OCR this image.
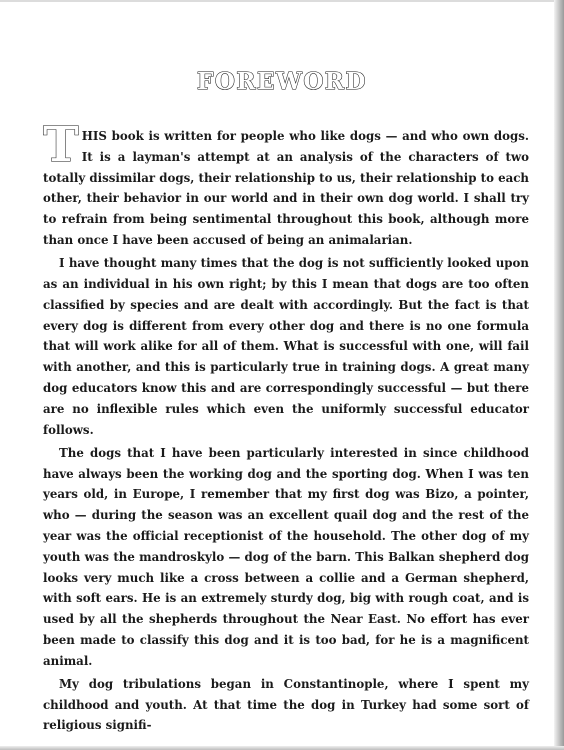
FOREWORD

THIS book is written for people who like dogs — and who own dogs. It is a layman's attempt at an analysis of the characters of two totally dissimilar dogs, their relationship to us, their relationship to each other, their behavior in our world and in their own dog world. I shall try to refrain from being sentimental throughout this book, although more than once I have been accused of being an animalarian.

I have thought many times that the dog is not sufficiently looked upon as an individual in his own right; by this I mean that dogs are too often classified by species and are dealt with accordingly. But the fact is that every dog is different from every other dog and there is no one formula that will work alike for all of them. What is successful with one, will fail with another, and this is particularly true in training dogs. A great many dog educators know this and are correspondingly successful — but there are no inflexible rules which even the uniformly successful educator follows.

The dogs that I have been particularly interested in since childhood have always been the working dog and the sporting dog. When I was ten years old, in Europe, I remember that my first dog was Bizo, a pointer, who — during the season was an excellent quail dog and the rest of the year was the official receptionist of the household. The other dog of my youth was the mandroskylo — dog of the barn. This Balkan shepherd dog looks very much like a cross between a collie and a German shepherd, with soft ears. He is an extremely sturdy dog, big with rough coat, and is used by all the shepherds throughout the Near East. No effort has ever been made to classify this dog and it is too bad, for he is a magnificent animal.

My dog tribulations began in Constantinople, where I spent my childhood and youth. At that time the dog in Turkey had some sort of religious signifi-
